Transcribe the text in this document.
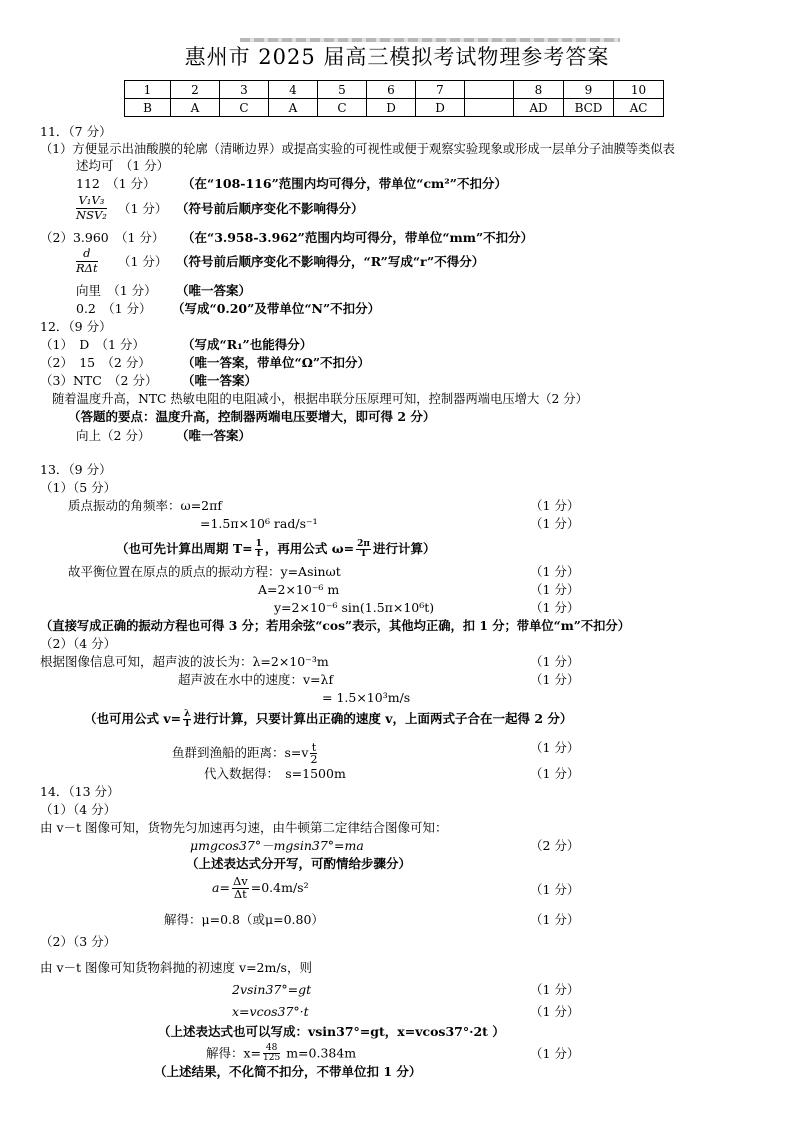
惠州市 2025 届高三模拟考试物理参考答案
1	2	3	4	5	6	7		8	9	10
B	A	C	A	C	D	D		AD	BCD	AC
11．（7 分）
（1）方便显示出油酸膜的轮廓（清晰边界）或提高实验的可视性或便于观察实验现象或形成一层单分子油膜等类似表
述均可　（1 分）
112　（1 分） （在“108-116”范围内均可得分，带单位“cm²”不扣分）
V₁V₃
NSV₂ （1 分） （符号前后顺序变化不影响得分）
（2）3.960　（1 分） （在“3.958-3.962”范围内均可得分，带单位“mm”不扣分）
d
RΔt （1 分） （符号前后顺序变化不影响得分，“R”写成“r”不得分）
向里　（1 分） （唯一答案）
0.2　（1 分） （写成“0.20”及带单位“N”不扣分）
12．（9 分）
（1）　D　（1 分）	（写成“R₁”也能得分）
（2）　15　（2 分） （唯一答案，带单位“Ω”不扣分）
（3）NTC　（2 分） （唯一答案）
随着温度升高，NTC 热敏电阻的电阻减小，根据串联分压原理可知，控制器两端电压增大（2 分）
（答题的要点：温度升高，控制器两端电压要增大，即可得 2 分）
向上（2 分） （唯一答案）
13．（9 分）
（1）（5 分）
质点振动的角频率：ω=2πf	（1 分）
=1.5π×10⁶ rad/s⁻¹	（1 分）
（也可先计算出周期 $T= \frac{1}{f}$ ，再用公式 $\omega= \frac{2\pi}{T}$ 进行计算）
故平衡位置在原点的质点的振动方程：y=Asinωt	（1 分）
A=2×10⁻⁶ m	（1 分）
y=2×10⁻⁶ sin(1.5π×10⁶t)	（1 分）
（直接写成正确的振动方程也可得 3 分；若用余弦“cos”表示，其他均正确，扣 1 分；带单位“m”不扣分）
（2）（4 分）
根据图像信息可知，超声波的波长为：λ=2×10⁻³m	（1 分）
超声波在水中的速度：v=λf	（1 分）
= 1.5×10³m/s
（也可用公式 $v= \frac{\lambda}{T}$ 进行计算，只要计算出正确的速度 v，上面两式子合在一起得 2 分）
鱼群到渔船的距离：$s=v \frac{t}{2}$	（1 分）
代入数据得：　s=1500m	（1 分）
14．（13 分）
（1）（4 分）
由 v－t 图像可知，货物先匀加速再匀速，由牛顿第二定律结合图像可知：
μmgcos37°－mgsin37°=ma	（2 分）
（上述表达式分开写，可酌情给步骤分）
$a= \frac{\Delta v}{\Delta t} =0.4m/s^2$	（1 分）
解得：μ=0.8（或μ=0.80）	（1 分）
（2）（3 分）
由 v－t 图像可知货物斜抛的初速度 v=2m/s，则
2vsin37°=gt	（1 分）
x=vcos37°·t	（1 分）
（上述表达式也可以写成：vsin37°=gt，x=vcos37°·2t ）
解得：$x= \frac{48}{125} m=0.384m$	（1 分）
（上述结果，不化简不扣分，不带单位扣 1 分）
